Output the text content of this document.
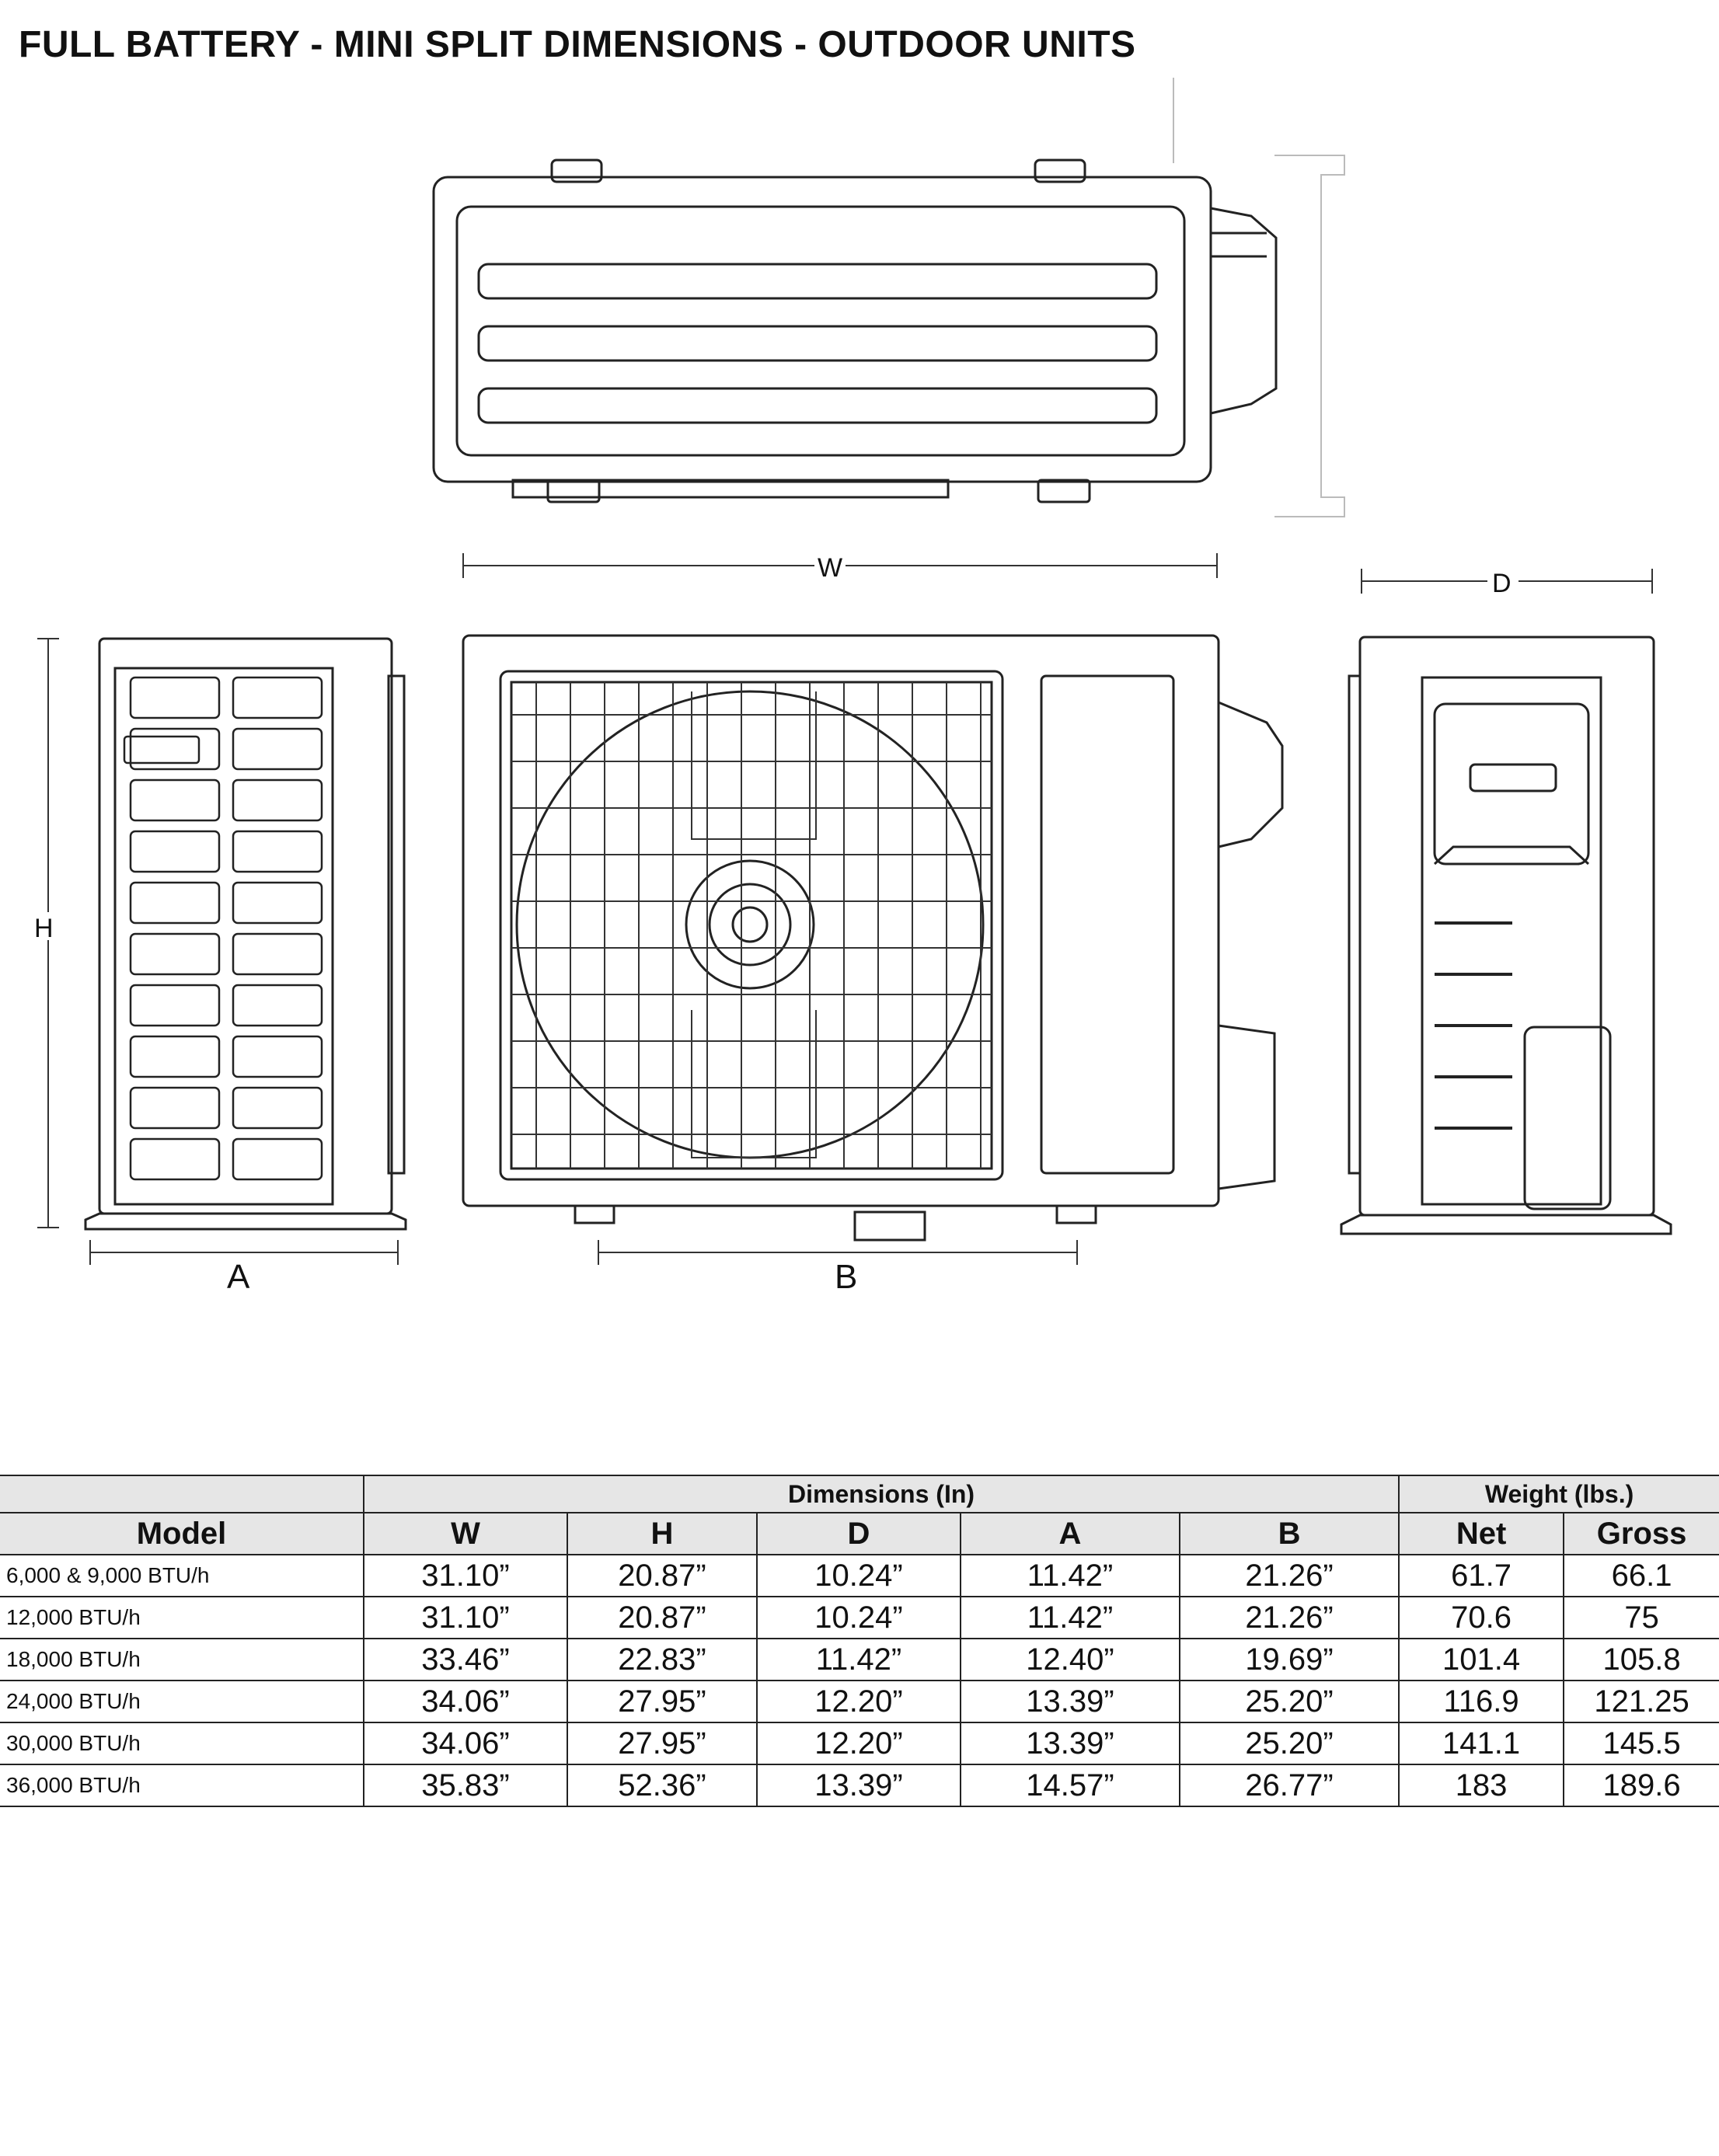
FULL BATTERY - MINI SPLIT DIMENSIONS - OUTDOOR UNITS
W
D
H
A	B
	Dimensions (In)					Weight (lbs.)	
Model	W	H	D	A	B	Net	Gross
6,000 & 9,000 BTU/h	31.10”	20.87”	10.24”	11.42”	21.26”	61.7	66.1
12,000 BTU/h	31.10”	20.87”	10.24”	11.42”	21.26”	70.6	75
18,000 BTU/h	33.46”	22.83”	11.42”	12.40”	19.69”	101.4	105.8
24,000 BTU/h	34.06”	27.95”	12.20”	13.39”	25.20”	116.9	121.25
30,000 BTU/h	34.06”	27.95”	12.20”	13.39”	25.20”	141.1	145.5
36,000 BTU/h	35.83”	52.36”	13.39”	14.57”	26.77”	183	189.6
